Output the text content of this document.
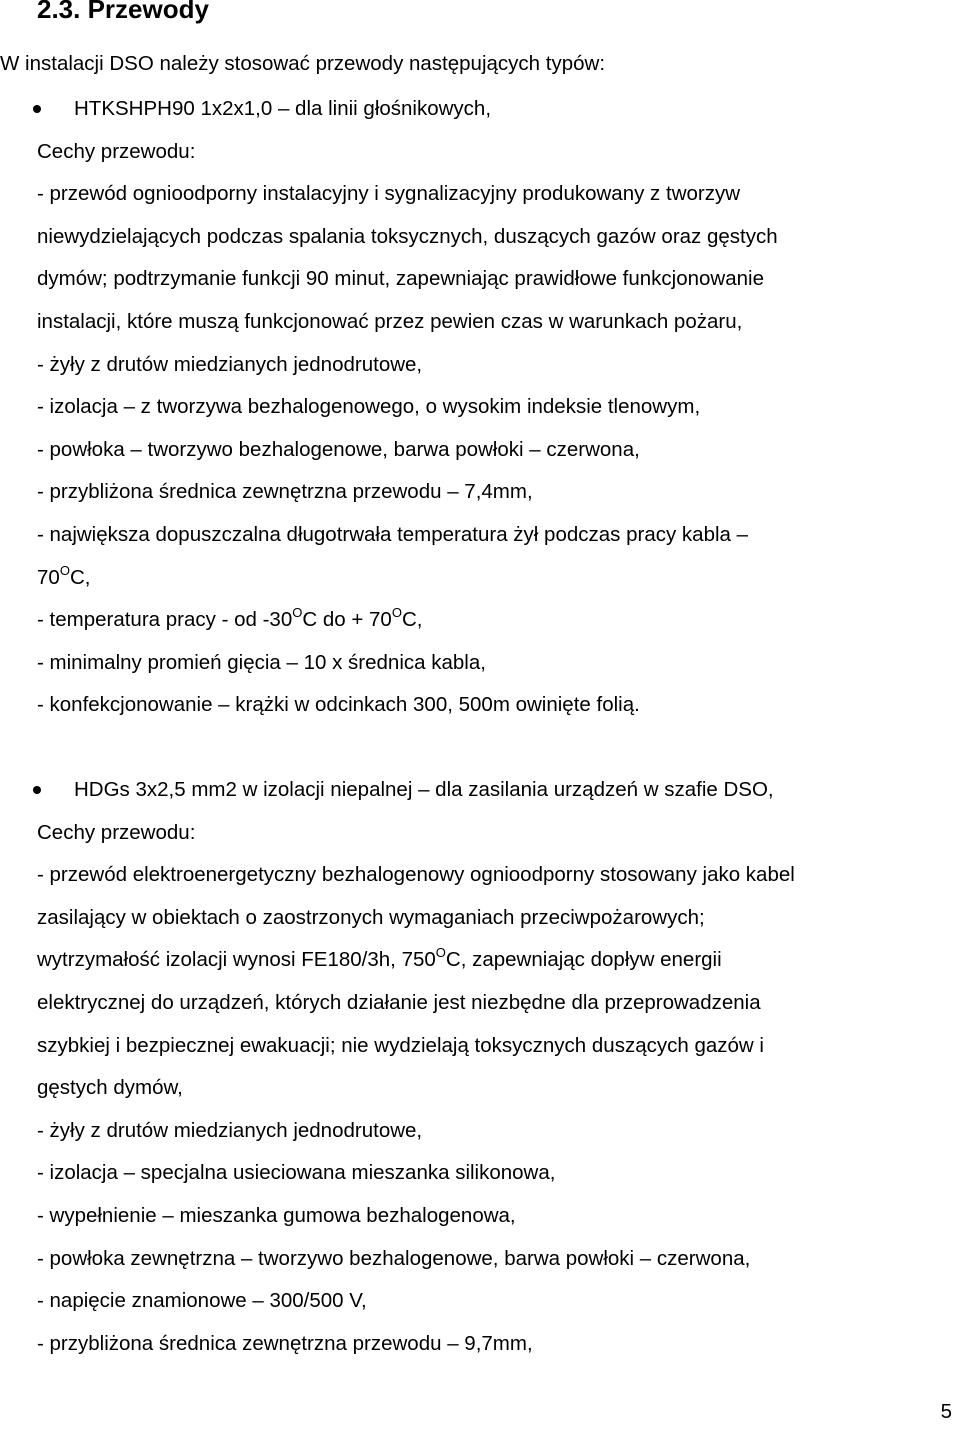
2.3. Przewody
W instalacji DSO należy stosować przewody następujących typów:
HTKSHPH90 1x2x1,0 – dla linii głośnikowych,
Cechy przewodu:
- przewód ognioodporny instalacyjny i sygnalizacyjny produkowany z tworzyw
niewydzielających podczas spalania toksycznych, duszących gazów oraz gęstych
dymów; podtrzymanie funkcji 90 minut, zapewniając prawidłowe funkcjonowanie
instalacji, które muszą funkcjonować przez pewien czas w warunkach pożaru,
- żyły z drutów miedzianych jednodrutowe,
- izolacja – z tworzywa bezhalogenowego, o wysokim indeksie tlenowym,
- powłoka – tworzywo bezhalogenowe, barwa powłoki – czerwona,
- przybliżona średnica zewnętrzna przewodu – 7,4mm,
- największa dopuszczalna długotrwała temperatura żył podczas pracy kabla –
$70^OC$,
- temperatura pracy - od $-30^OC$ do + $70^OC$,
- minimalny promień gięcia – 10 x średnica kabla,
- konfekcjonowanie – krążki w odcinkach 300, 500m owinięte folią.
HDGs 3x2,5 mm2 w izolacji niepalnej – dla zasilania urządzeń w szafie DSO,
Cechy przewodu:
- przewód elektroenergetyczny bezhalogenowy ognioodporny stosowany jako kabel
zasilający w obiektach o zaostrzonych wymaganiach przeciwpożarowych;
wytrzymałość izolacji wynosi FE180/3h, $750^OC$, zapewniając dopływ energii
elektrycznej do urządzeń, których działanie jest niezbędne dla przeprowadzenia
szybkiej i bezpiecznej ewakuacji; nie wydzielają toksycznych duszących gazów i
gęstych dymów,
- żyły z drutów miedzianych jednodrutowe,
- izolacja – specjalna usieciowana mieszanka silikonowa,
- wypełnienie – mieszanka gumowa bezhalogenowa,
- powłoka zewnętrzna – tworzywo bezhalogenowe, barwa powłoki – czerwona,
- napięcie znamionowe – 300/500 V,
- przybliżona średnica zewnętrzna przewodu – 9,7mm,
5
